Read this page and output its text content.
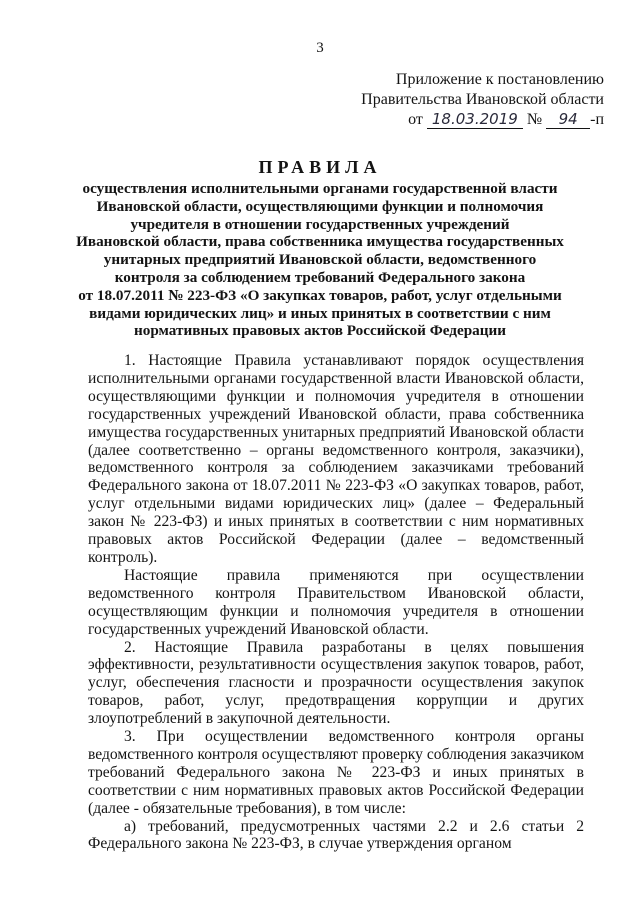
3
Приложение к постановлению
Правительства Ивановской области
от 18.03.2019 № 94 -п
ПРАВИЛА
осуществления исполнительными органами государственной власти
Ивановской области, осуществляющими функции и полномочия
учредителя в отношении государственных учреждений
Ивановской области, права собственника имущества государственных
унитарных предприятий Ивановской области, ведомственного
контроля за соблюдением требований Федерального закона
от 18.07.2011 № 223-ФЗ «О закупках товаров, работ, услуг отдельными
видами юридических лиц» и иных принятых в соответствии с ним
нормативных правовых актов Российской Федерации

1. Настоящие Правила устанавливают порядок осуществления исполнительными органами государственной власти Ивановской области, осуществляющими функции и полномочия учредителя в отношении государственных учреждений Ивановской области, права собственника имущества государственных унитарных предприятий Ивановской области (далее соответственно – органы ведомственного контроля, заказчики), ведомственного контроля за соблюдением заказчиками требований Федерального закона от 18.07.2011 № 223-ФЗ «О закупках товаров, работ, услуг отдельными видами юридических лиц» (далее – Федеральный закон № 223-ФЗ) и иных принятых в соответствии с ним нормативных правовых актов Российской Федерации (далее – ведомственный контроль).

Настоящие правила применяются при осуществлении ведомственного контроля Правительством Ивановской области, осуществляющим функции и полномочия учредителя в отношении государственных учреждений Ивановской области.

2. Настоящие Правила разработаны в целях повышения эффективности, результативности осуществления закупок товаров, работ, услуг, обеспечения гласности и прозрачности осуществления закупок товаров, работ, услуг, предотвращения коррупции и других злоупотреблений в закупочной деятельности.

3. При осуществлении ведомственного контроля органы ведомственного контроля осуществляют проверку соблюдения заказчиком требований Федерального закона № 223-ФЗ и иных принятых в соответствии с ним нормативных правовых актов Российской Федерации (далее - обязательные требования), в том числе:

а) требований, предусмотренных частями 2.2 и 2.6 статьи 2 Федерального закона № 223-ФЗ, в случае утверждения органом
